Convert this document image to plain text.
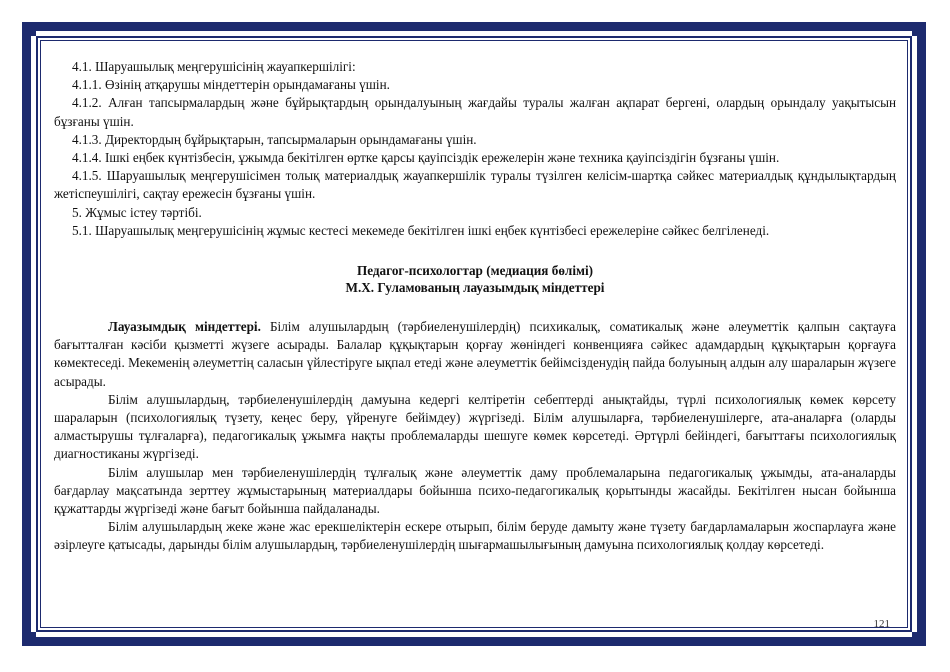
4.1. Шаруашылық меңгерушісінің жауапкершілігі:

4.1.1. Өзінің атқарушы міндеттерін орындамағаны үшін.

4.1.2. Алған тапсырмалардың және бұйрықтардың орындалуының жағдайы туралы жалған ақпарат бергені, олардың орындалу уақытысын бұзғаны үшін.

4.1.3. Директордың бұйрықтарын, тапсырмаларын орындамағаны үшін.

4.1.4. Ішкі еңбек күнтізбесін, ұжымда бекітілген өртке қарсы қауіпсіздік ережелерін және техника қауіпсіздігін бұзғаны үшін.

4.1.5. Шаруашылық меңгерушісімен толық материалдық жауапкершілік туралы түзілген келісім-шартқа сәйкес материалдық құндылықтардың жетіспеушілігі, сақтау ережесін бұзғаны үшін.

5. Жұмыс істеу тәртібі.

5.1. Шаруашылық меңгерушісінің жұмыс кестесі мекемеде бекітілген ішкі еңбек күнтізбесі ережелеріне сәйкес белгіленеді.

Педагог-психологтар (медиация бөлімі)

М.Х. Гуламованың лауазымдық міндеттері

Лауазымдық міндеттері. Білім алушылардың (тәрбиеленушілердің) психикалық, соматикалық және әлеуметтік қалпын сақтауға бағытталған кәсіби қызметті жүзеге асырады. Балалар құқықтарын қорғау жөніндегі конвенцияға сәйкес адамдардың құқықтарын қорғауға көмектеседі. Мекеменің әлеуметтің саласын үйлестіруге ықпал етеді және әлеуметтік бейімсізденудің пайда болуының алдын алу шараларын жүзеге асырады.

Білім алушылардың, тәрбиеленушілердің дамуына кедергі келтіретін себептерді анықтайды, түрлі психологиялық көмек көрсету шараларын (психологиялық түзету, кеңес беру, үйренуге бейімдеу) жүргізеді. Білім алушыларға, тәрбиеленушілерге, ата-аналарға (оларды алмастырушы тұлғаларға), педагогикалық ұжымға нақты проблемаларды шешуге көмек көрсетеді. Әртүрлі бейіндегі, бағыттағы психологиялық диагностиканы жүргізеді.

Білім алушылар мен тәрбиеленушілердің тұлғалық және әлеуметтік даму проблемаларына педагогикалық ұжымды, ата-аналарды бағдарлау мақсатында зерттеу жұмыстарының материалдары бойынша психо-педагогикалық қорытынды жасайды. Бекітілген нысан бойынша құжаттарды жүргізеді және бағыт бойынша пайдаланады.

Білім алушылардың жеке және жас ерекшеліктерін ескере отырып, білім беруде дамыту және түзету бағдарламаларын жоспарлауға және әзірлеуге қатысады, дарынды білім алушылардың, тәрбиеленушілердің шығармашылығының дамуына психологиялық қолдау көрсетеді.

121
